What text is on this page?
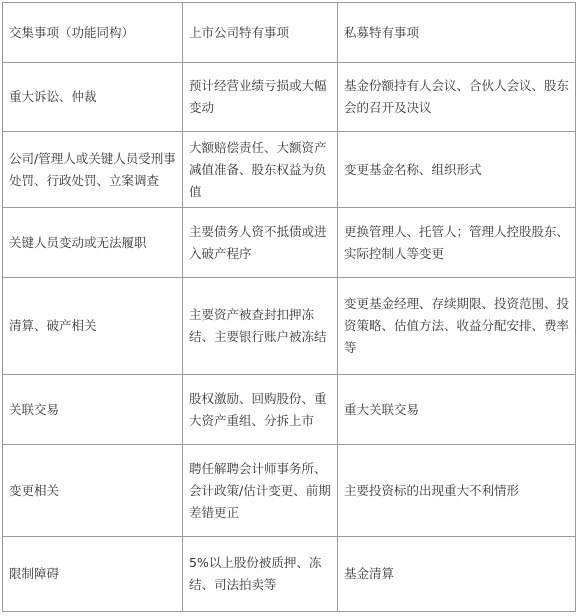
交集事项（功能同构）	上市公司特有事项	私募特有事项
重大诉讼、仲裁	预计经营业绩亏损或大幅变动	基金份额持有人会议、合伙人会议、股东会的召开及决议
公司/管理人或关键人员受刑事处罚、行政处罚、立案调查	大额赔偿责任、大额资产减值准备、股东权益为负值	变更基金名称、组织形式
关键人员变动或无法履职	主要债务人资不抵债或进入破产程序	更换管理人、托管人；管理人控股股东、实际控制人等变更
清算、破产相关	主要资产被查封扣押冻结、主要银行账户被冻结	变更基金经理、存续期限、投资范围、投资策略、估值方法、收益分配安排、费率等
关联交易	股权激励、回购股份、重大资产重组、分拆上市	重大关联交易
变更相关	聘任解聘会计师事务所、会计政策/估计变更、前期差错更正	主要投资标的出现重大不利情形
限制障碍	5%以上股份被质押、冻结、司法拍卖等	基金清算
